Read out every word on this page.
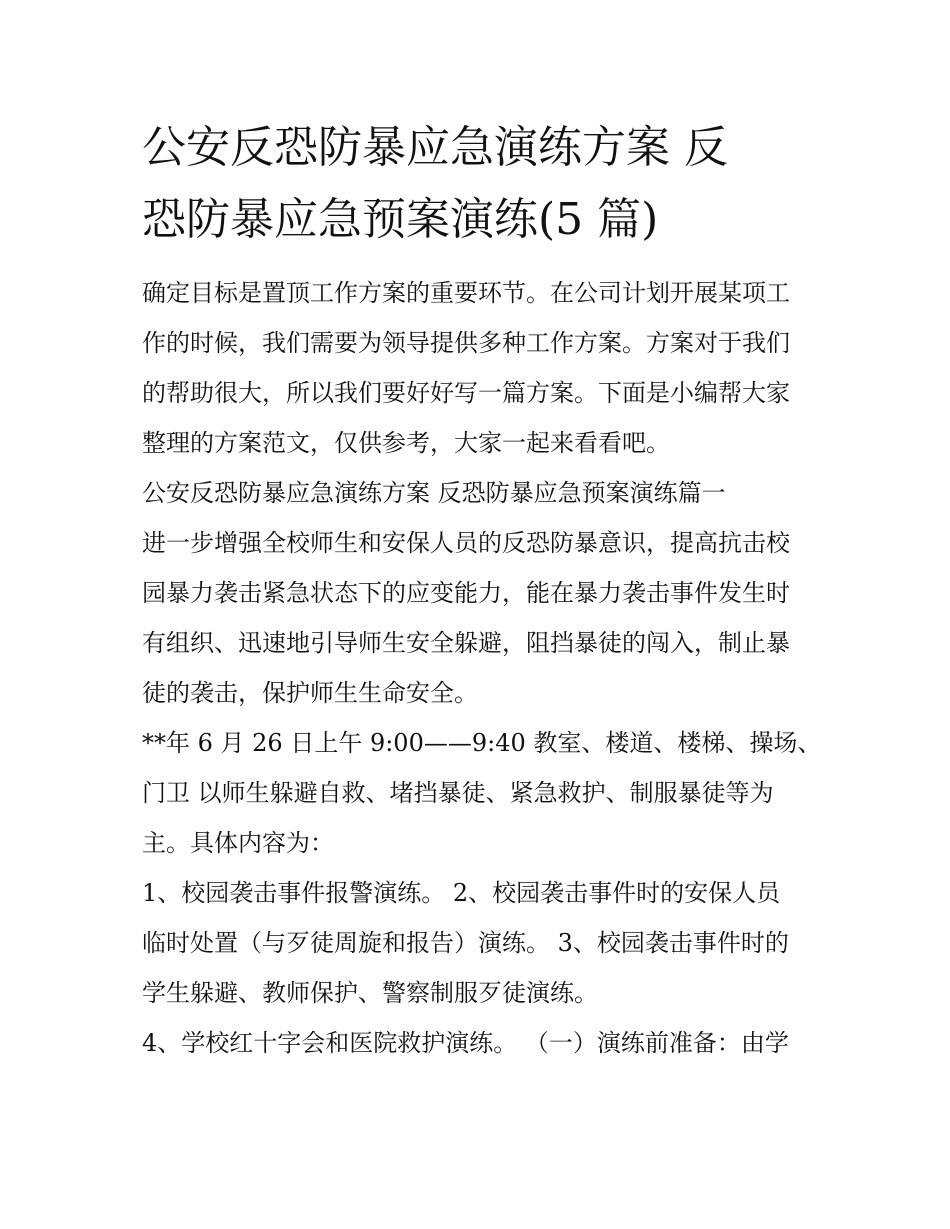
公安反恐防暴应急演练方案 反
恐防暴应急预案演练(5 篇)

确定目标是置顶工作方案的重要环节。在公司计划开展某项工
作的时候，我们需要为领导提供多种工作方案。方案对于我们
的帮助很大，所以我们要好好写一篇方案。下面是小编帮大家
整理的方案范文，仅供参考，大家一起来看看吧。

公安反恐防暴应急演练方案 反恐防暴应急预案演练篇一

进一步增强全校师生和安保人员的反恐防暴意识，提高抗击校
园暴力袭击紧急状态下的应变能力，能在暴力袭击事件发生时
有组织、迅速地引导师生安全躲避，阻挡暴徒的闯入，制止暴
徒的袭击，保护师生生命安全。

**年 6 月 26 日上午 9:00——9:40 教室、楼道、楼梯、操场、
门卫 以师生躲避自救、堵挡暴徒、紧急救护、制服暴徒等为
主。具体内容为：

1、校园袭击事件报警演练。 2、校园袭击事件时的安保人员
临时处置（与歹徒周旋和报告）演练。 3、校园袭击事件时的
学生躲避、教师保护、警察制服歹徒演练。

4、学校红十字会和医院救护演练。 （一）演练前准备：由学
